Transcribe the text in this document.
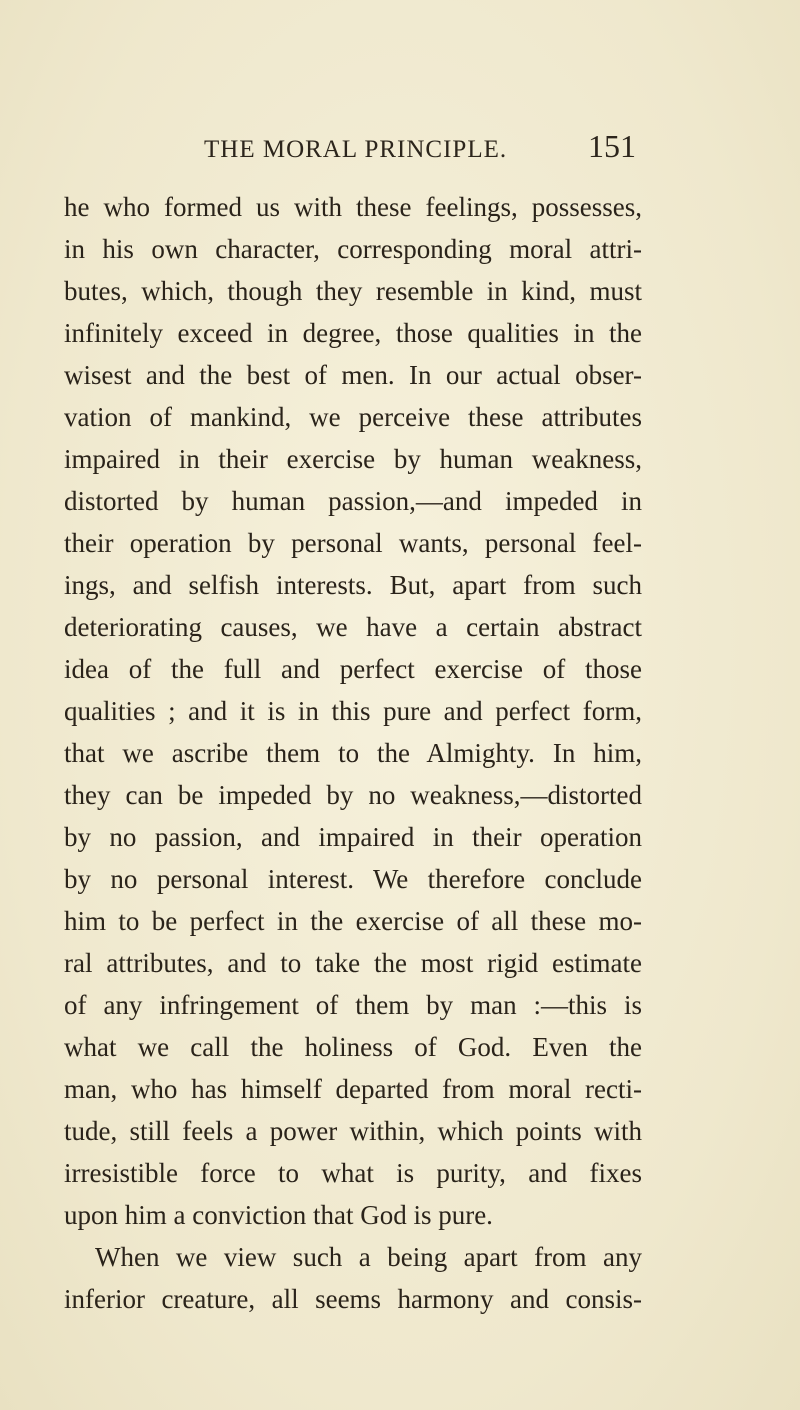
THE MORAL PRINCIPLE.	151
he who formed us with these feelings, possesses,
in his own character, corresponding moral attri-
butes, which, though they resemble in kind, must
infinitely exceed in degree, those qualities in the
wisest and the best of men. In our actual obser-
vation of mankind, we perceive these attributes
impaired in their exercise by human weakness,
distorted by human passion,—and impeded in
their operation by personal wants, personal feel-
ings, and selfish interests. But, apart from such
deteriorating causes, we have a certain abstract
idea of the full and perfect exercise of those
qualities ; and it is in this pure and perfect form,
that we ascribe them to the Almighty. In him,
they can be impeded by no weakness,—distorted
by no passion, and impaired in their operation
by no personal interest. We therefore conclude
him to be perfect in the exercise of all these mo-
ral attributes, and to take the most rigid estimate
of any infringement of them by man :—this is
what we call the holiness of God. Even the
man, who has himself departed from moral recti-
tude, still feels a power within, which points with
irresistible force to what is purity, and fixes
upon him a conviction that God is pure.
When we view such a being apart from any
inferior creature, all seems harmony and consis-
